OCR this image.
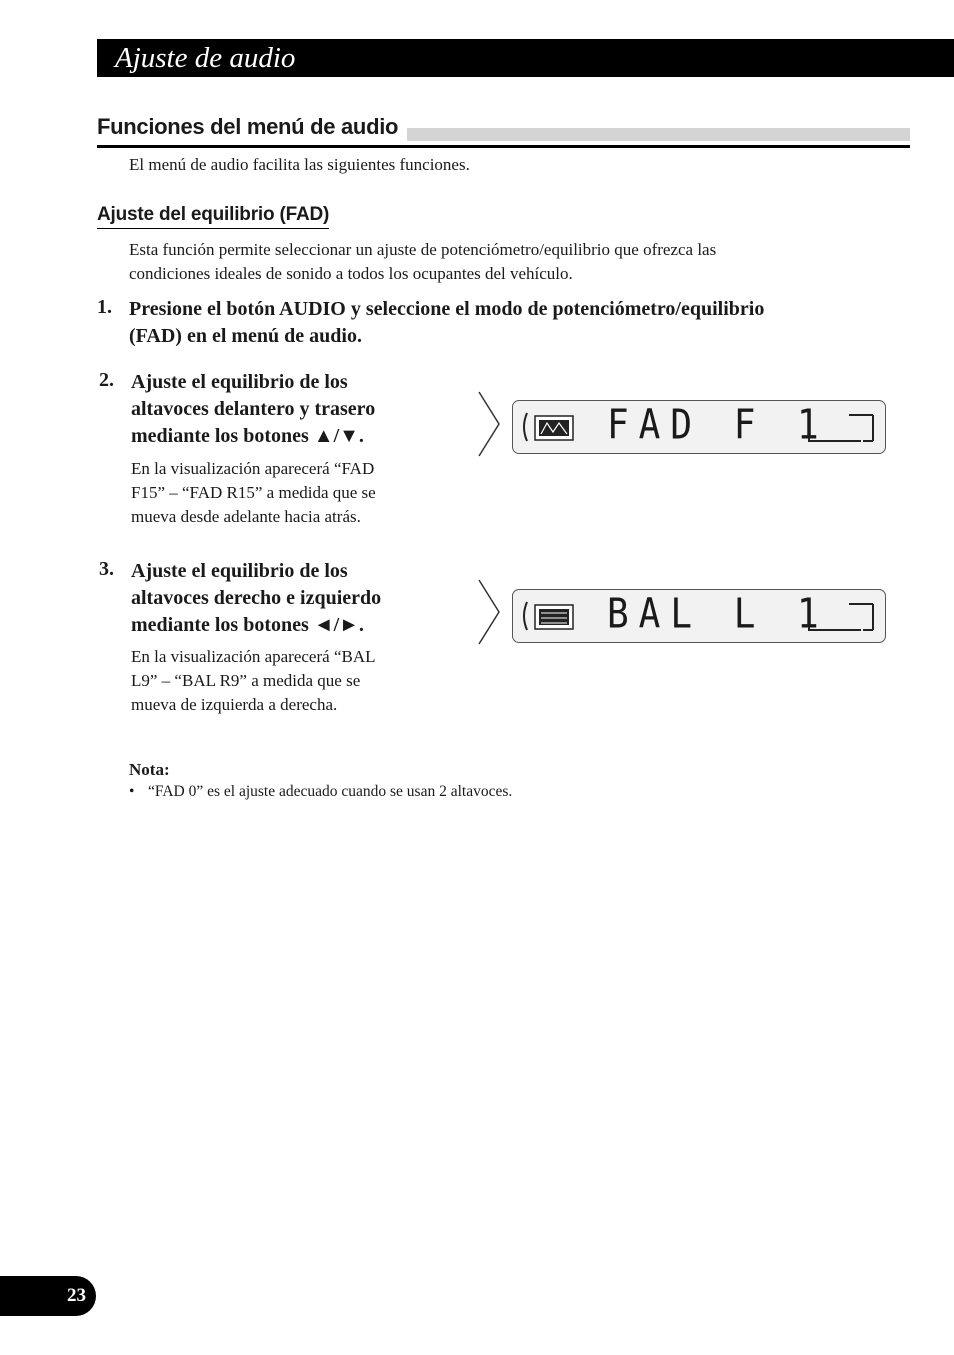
Ajuste de audio
Funciones del menú de audio
El menú de audio facilita las siguientes funciones.
Ajuste del equilibrio (FAD)
Esta función permite seleccionar un ajuste de potenciómetro/equilibrio que ofrezca las
condiciones ideales de sonido a todos los ocupantes del vehículo.
1. Presione el botón AUDIO y seleccione el modo de potenciómetro/equilibrio
(FAD) en el menú de audio.
2. Ajuste el equilibrio de los
altavoces delantero y trasero
mediante los botones ▲/▼.
En la visualización aparecerá “FAD
F15” – “FAD R15” a medida que se
mueva desde adelante hacia atrás.
FAD F 1
3. Ajuste el equilibrio de los
altavoces derecho e izquierdo
mediante los botones ◄/►.
En la visualización aparecerá “BAL
L9” – “BAL R9” a medida que se
mueva de izquierda a derecha.
BAL L 1
Nota:
• “FAD 0” es el ajuste adecuado cuando se usan 2 altavoces.
23
